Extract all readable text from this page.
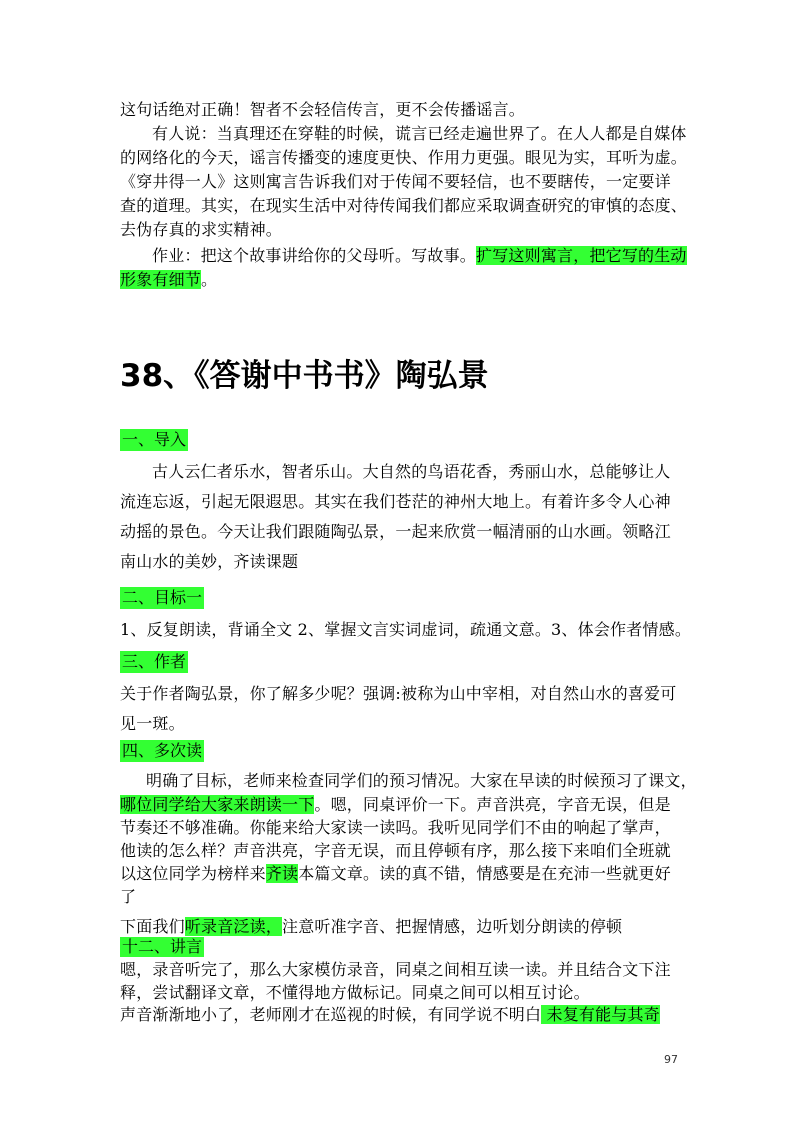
这句话绝对正确！智者不会轻信传言，更不会传播谣言。
有人说：当真理还在穿鞋的时候，谎言已经走遍世界了。在人人都是自媒体
的网络化的今天，谣言传播变的速度更快、作用力更强。眼见为实，耳听为虚。
《穿井得一人》这则寓言告诉我们对于传闻不要轻信，也不要瞎传，一定要详
查的道理。其实，在现实生活中对待传闻我们都应采取调查研究的审慎的态度、
去伪存真的求实精神。
作业：把这个故事讲给你的父母听。写故事。扩写这则寓言，把它写的生动
形象有细节。
38、《答谢中书书》陶弘景
一、导入
古人云仁者乐水，智者乐山。大自然的鸟语花香，秀丽山水，总能够让人
流连忘返，引起无限遐思。其实在我们苍茫的神州大地上。有着许多令人心神
动摇的景色。今天让我们跟随陶弘景，一起来欣赏一幅清丽的山水画。领略江
南山水的美妙，齐读课题
二、目标一
1、反复朗读，背诵全文 2、掌握文言实词虚词，疏通文意。3、体会作者情感。
三、作者
关于作者陶弘景，你了解多少呢？强调:被称为山中宰相，对自然山水的喜爱可
见一斑。
四、多次读
明确了目标，老师来检查同学们的预习情况。大家在早读的时候预习了课文，
哪位同学给大家来朗读一下。嗯，同桌评价一下。声音洪亮，字音无误，但是
节奏还不够准确。你能来给大家读一读吗。我听见同学们不由的响起了掌声，
他读的怎么样？声音洪亮，字音无误，而且停顿有序，那么接下来咱们全班就
以这位同学为榜样来齐读本篇文章。读的真不错，情感要是在充沛一些就更好
了
下面我们听录音泛读，注意听准字音、把握情感，边听划分朗读的停顿
十二、讲言
嗯，录音听完了，那么大家模仿录音，同桌之间相互读一读。并且结合文下注
释，尝试翻译文章，不懂得地方做标记。同桌之间可以相互讨论。
声音渐渐地小了，老师刚才在巡视的时候，有同学说不明白 未复有能与其奇
97
